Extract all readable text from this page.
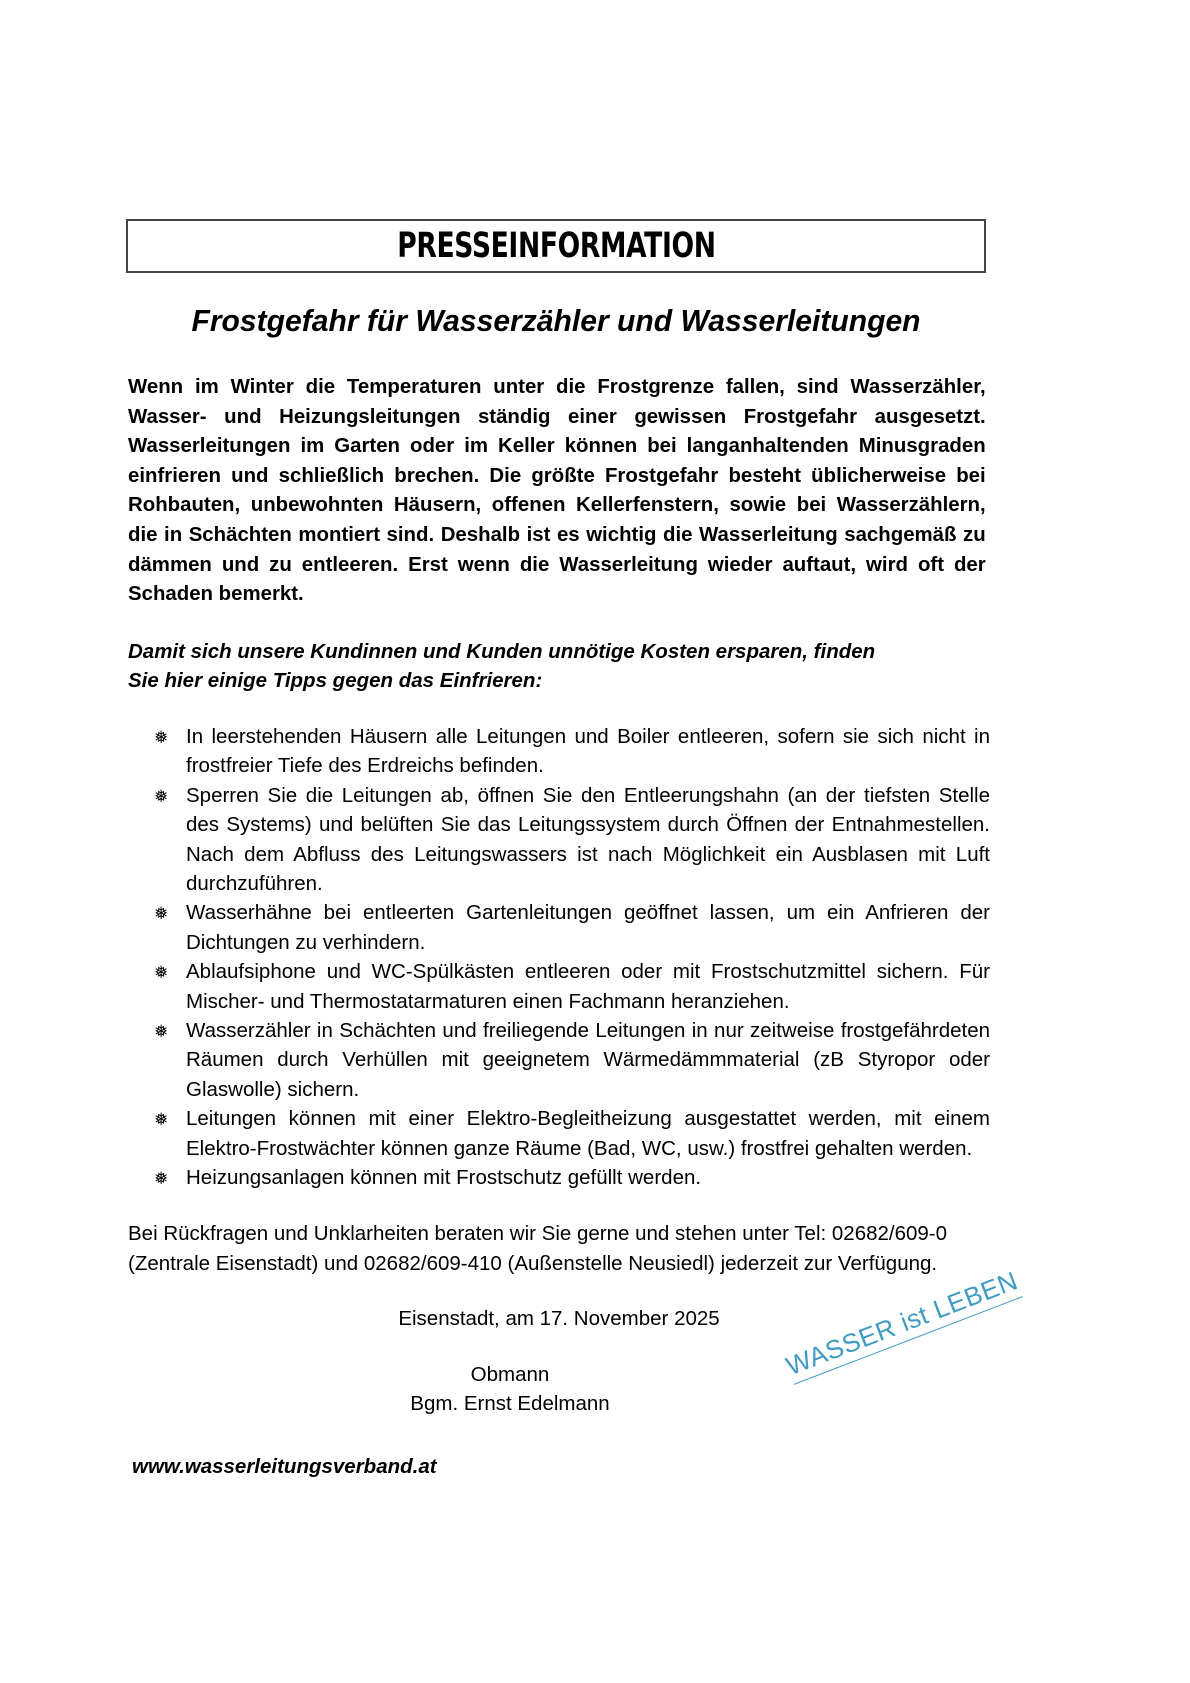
PRESSEINFORMATION
Frostgefahr für Wasserzähler und Wasserleitungen

Wenn im Winter die Temperaturen unter die Frostgrenze fallen, sind Wasserzähler, Wasser- und Heizungsleitungen ständig einer gewissen Frostgefahr ausgesetzt. Wasserleitungen im Garten oder im Keller können bei langanhaltenden Minusgraden einfrieren und schließlich brechen. Die größte Frostgefahr besteht üblicherweise bei Rohbauten, unbewohnten Häusern, offenen Kellerfenstern, sowie bei Wasserzählern, die in Schächten montiert sind. Deshalb ist es wichtig die Wasserleitung sachgemäß zu dämmen und zu entleeren. Erst wenn die Wasserleitung wieder auftaut, wird oft der Schaden bemerkt.

Damit sich unsere Kundinnen und Kunden unnötige Kosten ersparen, finden
Sie hier einige Tipps gegen das Einfrieren:

❅ In leerstehenden Häusern alle Leitungen und Boiler entleeren, sofern sie sich nicht in frostfreier Tiefe des Erdreichs befinden.
❅ Sperren Sie die Leitungen ab, öffnen Sie den Entleerungshahn (an der tiefsten Stelle des Systems) und belüften Sie das Leitungssystem durch Öffnen der Entnahmestellen. Nach dem Abfluss des Leitungswassers ist nach Möglichkeit ein Ausblasen mit Luft durchzuführen.
❅ Wasserhähne bei entleerten Gartenleitungen geöffnet lassen, um ein Anfrieren der Dichtungen zu verhindern.
❅ Ablaufsiphone und WC-Spülkästen entleeren oder mit Frostschutzmittel sichern. Für Mischer- und Thermostatarmaturen einen Fachmann heranziehen.
❅ Wasserzähler in Schächten und freiliegende Leitungen in nur zeitweise frostgefährdeten Räumen durch Verhüllen mit geeignetem Wärmedämmmaterial (zB Styropor oder Glaswolle) sichern.
❅ Leitungen können mit einer Elektro-Begleitheizung ausgestattet werden, mit einem Elektro-Frostwächter können ganze Räume (Bad, WC, usw.) frostfrei gehalten werden.
❅ Heizungsanlagen können mit Frostschutz gefüllt werden.

Bei Rückfragen und Unklarheiten beraten wir Sie gerne und stehen unter Tel: 02682/609-0
(Zentrale Eisenstadt) und 02682/609-410 (Außenstelle Neusiedl) jederzeit zur Verfügung.

Eisenstadt, am 17. November 2025

Obmann
Bgm. Ernst Edelmann
WASSER ist LEBEN
www.wasserleitungsverband.at
